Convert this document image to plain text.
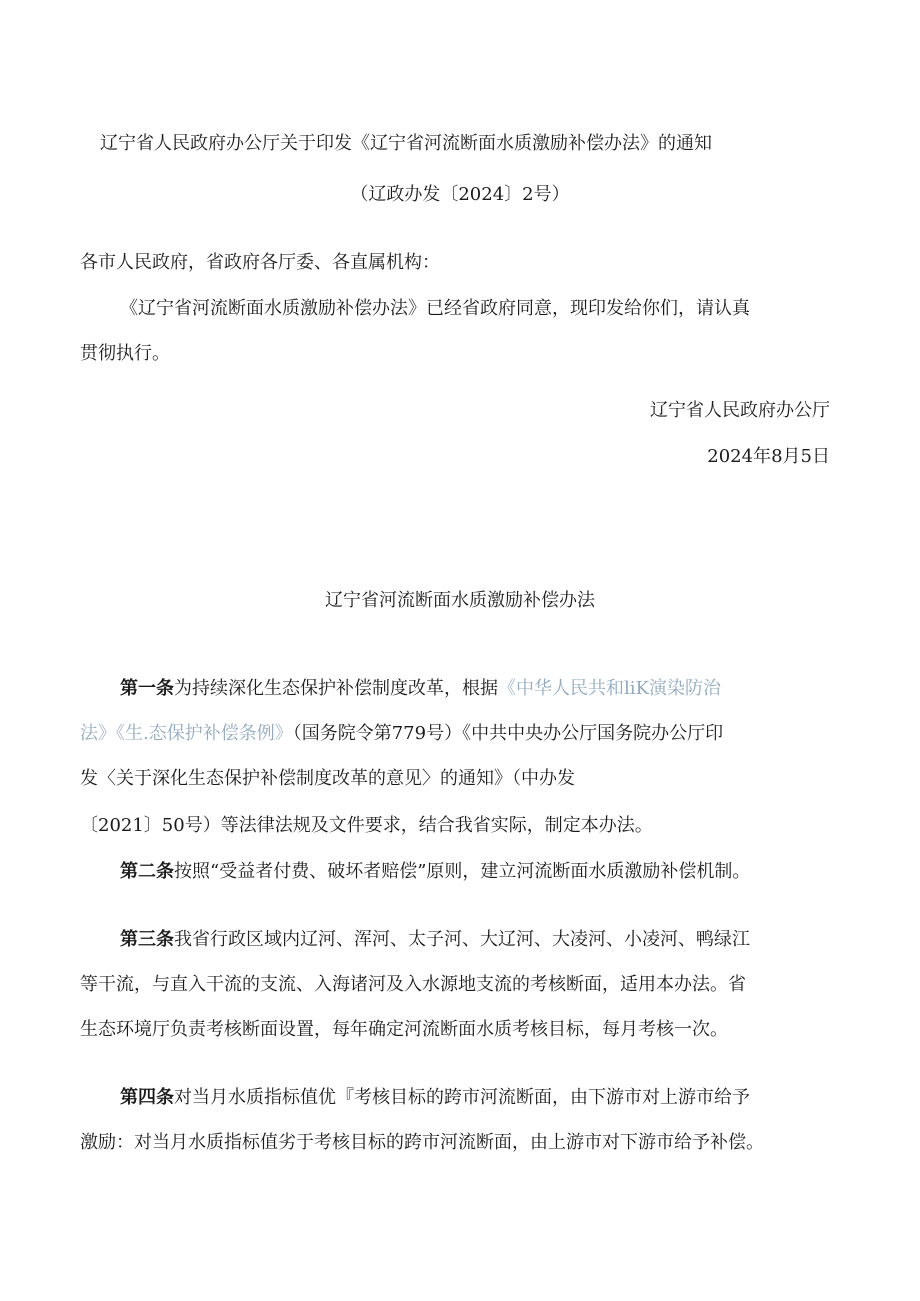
辽宁省人民政府办公厅关于印发《辽宁省河流断面水质激励补偿办法》的通知
（辽政办发〔2024〕2号）
各市人民政府，省政府各厅委、各直属机构：
《辽宁省河流断面水质激励补偿办法》已经省政府同意，现印发给你们，请认真
贯彻执行。
辽宁省人民政府办公厅
2024年8月5日
辽宁省河流断面水质激励补偿办法
第一条为持续深化生态保护补偿制度改革，根据《中华人民共和liK演染防治
法》《生.态保护补偿条例》（国务院令第779号）《中共中央办公厅国务院办公厅印
发〈关于深化生态保护补偿制度改革的意见〉的通知》（中办发
〔2021〕50号）等法律法规及文件要求，结合我省实际，制定本办法。
第二条按照“受益者付费、破坏者赔偿”原则，建立河流断面水质激励补偿机制。
第三条我省行政区域内辽河、浑河、太子河、大辽河、大凌河、小凌河、鸭绿江
等干流，与直入干流的支流、入海诸河及入水源地支流的考核断面，适用本办法。省
生态环境厅负责考核断面设置，每年确定河流断面水质考核目标，每月考核一次。
第四条对当月水质指标值优『考核目标的跨市河流断面，由下游市对上游市给予
激励：对当月水质指标值劣于考核目标的跨市河流断面，由上游市对下游市给予补偿。
